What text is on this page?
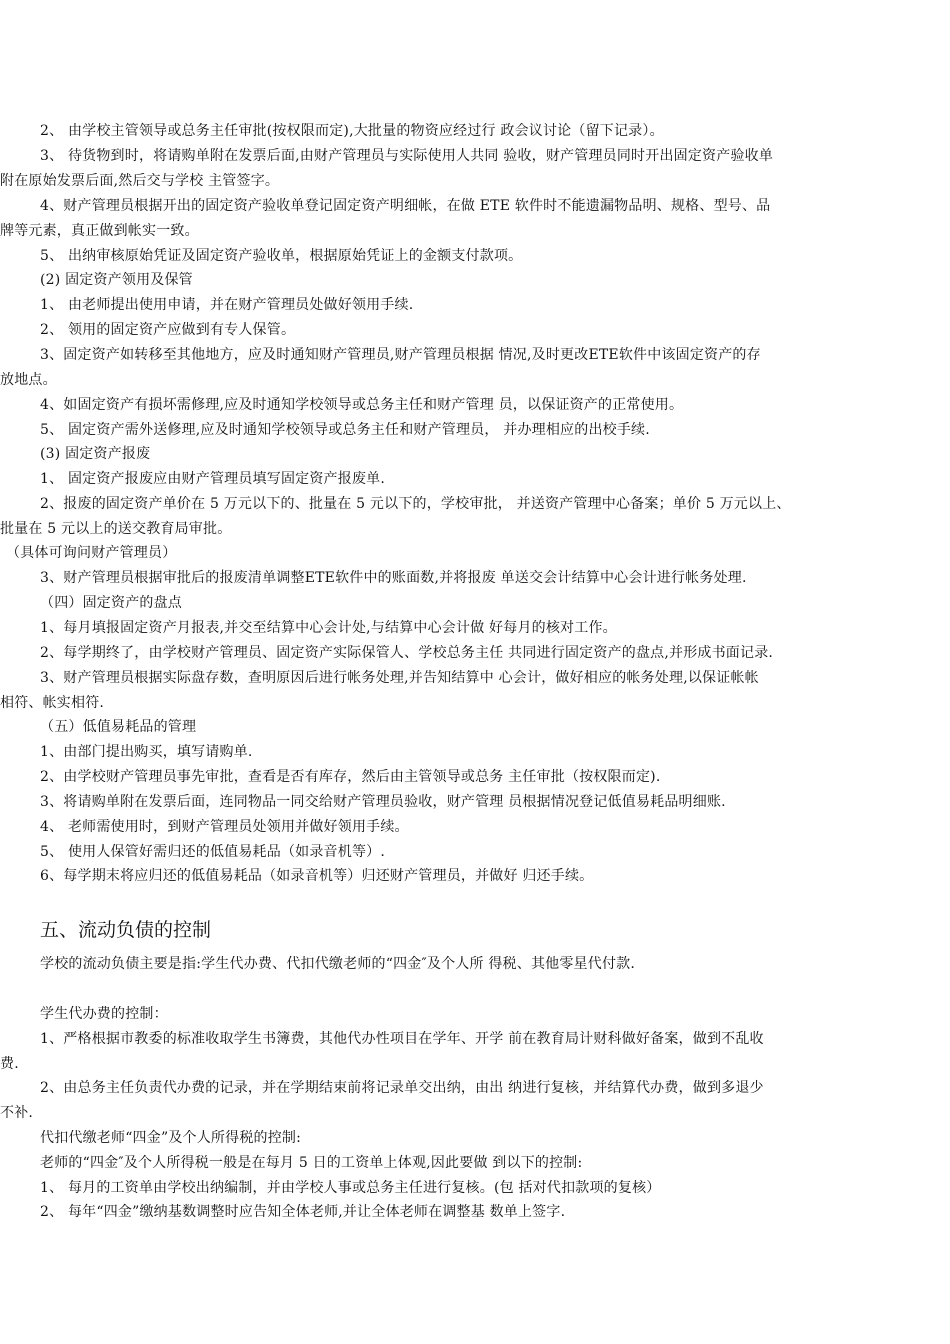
2、 由学校主管领导或总务主任审批(按权限而定),大批量的物资应经过行 政会议讨论（留下记录）。
3、 待货物到时，将请购单附在发票后面,由财产管理员与实际使用人共同 验收，财产管理员同时开出固定资产验收单
附在原始发票后面,然后交与学校 主管签字。
4、财产管理员根据开出的固定资产验收单登记固定资产明细帐，在做 ETE 软件时不能遗漏物品明、规格、型号、品
牌等元素，真正做到帐实一致。
5、 出纳审核原始凭证及固定资产验收单，根据原始凭证上的金额支付款项。
(2) 固定资产领用及保管
1、 由老师提出使用申请，并在财产管理员处做好领用手续.
2、 领用的固定资产应做到有专人保管。
3、固定资产如转移至其他地方，应及时通知财产管理员,财产管理员根据 情况,及时更改ETE软件中该固定资产的存
放地点。
4、如固定资产有损坏需修理,应及时通知学校领导或总务主任和财产管理 员，以保证资产的正常使用。
5、 固定资产需外送修理,应及时通知学校领导或总务主任和财产管理员， 并办理相应的出校手续.
(3) 固定资产报废
1、 固定资产报废应由财产管理员填写固定资产报废单.
2、报废的固定资产单价在 5 万元以下的、批量在 5 元以下的，学校审批， 并送资产管理中心备案；单价 5 万元以上、
批量在 5 元以上的送交教育局审批。
（具体可询问财产管理员）
3、财产管理员根据审批后的报废清单调整ETE软件中的账面数,并将报废 单送交会计结算中心会计进行帐务处理.
（四）固定资产的盘点
1、每月填报固定资产月报表,并交至结算中心会计处,与结算中心会计做 好每月的核对工作。
2、每学期终了，由学校财产管理员、固定资产实际保管人、学校总务主任 共同进行固定资产的盘点,并形成书面记录.
3、财产管理员根据实际盘存数，查明原因后进行帐务处理,并告知结算中 心会计，做好相应的帐务处理,以保证帐帐
相符、帐实相符.
（五）低值易耗品的管理
1、由部门提出购买，填写请购单.
2、由学校财产管理员事先审批，查看是否有库存，然后由主管领导或总务 主任审批（按权限而定).
3、将请购单附在发票后面，连同物品一同交给财产管理员验收，财产管理 员根据情况登记低值易耗品明细账.
4、 老师需使用时，到财产管理员处领用并做好领用手续。
5、 使用人保管好需归还的低值易耗品（如录音机等）.
6、每学期末将应归还的低值易耗品（如录音机等）归还财产管理员，并做好 归还手续。
五、流动负债的控制
学校的流动负债主要是指:学生代办费、代扣代缴老师的“四金″及个人所 得税、其他零星代付款.
学生代办费的控制：
1、严格根据市教委的标准收取学生书簿费，其他代办性项目在学年、开学 前在教育局计财科做好备案，做到不乱收
费.
2、由总务主任负责代办费的记录，并在学期结束前将记录单交出纳，由出 纳进行复核，并结算代办费，做到多退少
不补.
代扣代缴老师“四金”及个人所得税的控制:
老师的“四金″及个人所得税一般是在每月 5 日的工资单上体观,因此要做 到以下的控制:
1、 每月的工资单由学校出纳编制，并由学校人事或总务主任进行复核。(包 括对代扣款项的复核）
2、 每年“四金”缴纳基数调整时应告知全体老师,并让全体老师在调整基 数单上签字.
